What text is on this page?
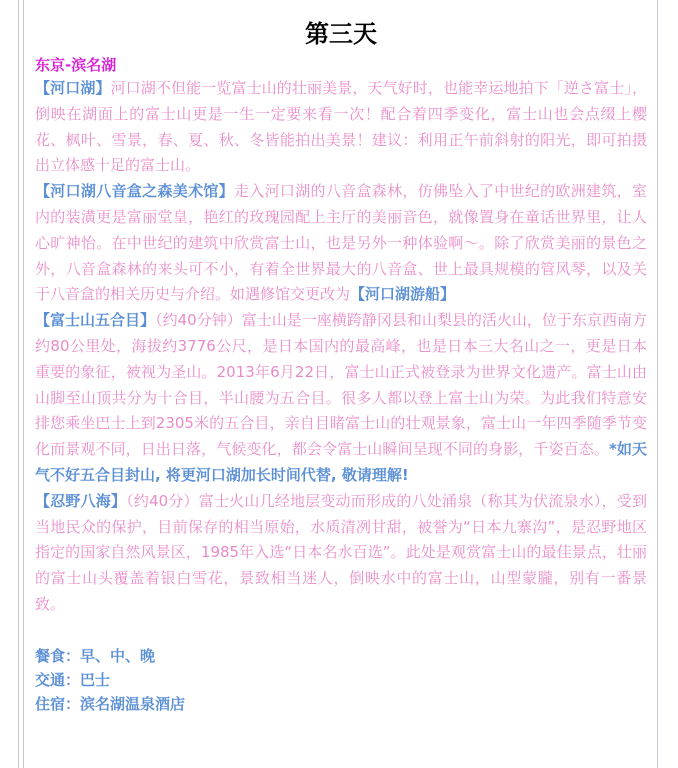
第三天
东京-滨名湖

【河口湖】河口湖不但能一览富士山的壮丽美景，天气好时，也能幸运地拍下「逆さ富士」，倒映在湖面上的富士山更是一生一定要来看一次！配合着四季变化，富士山也会点缀上樱花、枫叶、雪景，春、夏、秋、冬皆能拍出美景！建议：利用正午前斜射的阳光，即可拍摄出立体感十足的富士山。

【河口湖八音盒之森美术馆】走入河口湖的八音盒森林，仿佛坠入了中世纪的欧洲建筑，室内的装潢更是富丽堂皇，艳红的玫瑰园配上主厅的美丽音色，就像置身在童话世界里，让人心旷神怡。在中世纪的建筑中欣赏富士山，也是另外一种体验啊～。除了欣赏美丽的景色之外，八音盒森林的来头可不小，有着全世界最大的八音盒、世上最具规模的管风琴，以及关于八音盒的相关历史与介绍。如遇修馆交更改为【河口湖游船】

【富士山五合目】（约40分钟）富士山是一座横跨静冈县和山梨县的活火山，位于东京西南方约80公里处，海拔约3776公尺，是日本国内的最高峰，也是日本三大名山之一，更是日本重要的象征，被视为圣山。2013年6月22日，富士山正式被登录为世界文化遗产。富士山由山脚至山顶共分为十合目，半山腰为五合目。很多人都以登上富士山为荣。为此我们特意安排您乘坐巴士上到2305米的五合目，亲自目睹富士山的壮观景象，富士山一年四季随季节变化而景观不同，日出日落，气候变化，都会令富士山瞬间呈现不同的身影，千姿百态。*如天气不好五合目封山, 将更河口湖加长时间代替, 敬请理解!

【忍野八海】（约40分）富士火山几经地层变动而形成的八处涌泉（称其为伏流泉水），受到当地民众的保护，目前保存的相当原始，水质清冽甘甜，被誉为“日本九寨沟”，是忍野地区指定的国家自然风景区，1985年入选“日本名水百选”。此处是观赏富士山的最佳景点，壮丽的富士山头覆盖着银白雪花，景致相当迷人，倒映水中的富士山，山型蒙朧，别有一番景致。

餐食：早、中、晚
交通：巴士
住宿：滨名湖温泉酒店
